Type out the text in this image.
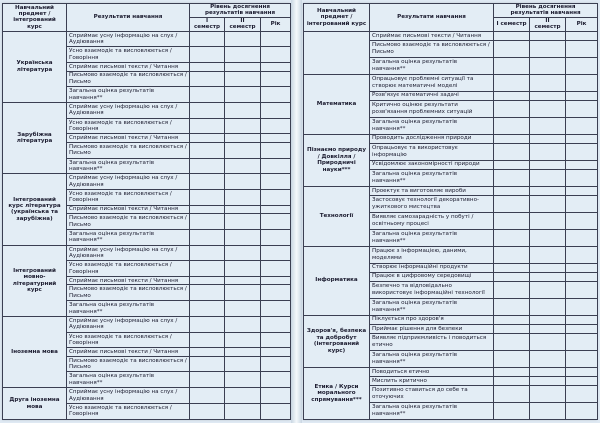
Навчальний предмет / інтегрований курс	Результати навчання	Рівень досягнення результатів навчання		
		І семестр	ІІ семестр	Рік
Українська література	Сприймає усну інформацію на слух / Аудіювання			
	Усно взаємодіє та висловлюється / Говоріння			
	Сприймає письмові тексти / Читання			
	Письмово взаємодіє та висловлюється / Письмо			
	Загальна оцінка результатів навчання**			
Зарубіжна література	Сприймає усну інформацію на слух / Аудіювання			
	Усно взаємодіє та висловлюється / Говоріння			
	Сприймає письмові тексти / Читання			
	Письмово взаємодіє та висловлюється / Письмо			
	Загальна оцінка результатів навчання**			
Інтегрований курс література (українська та зарубіжна)	Сприймає усну інформацію на слух / Аудіювання			
	Усно взаємодіє та висловлюється / Говоріння			
	Сприймає письмові тексти / Читання			
	Письмово взаємодіє та висловлюється / Письмо			
	Загальна оцінка результатів навчання**			
Інтегрований мовно-літературний курс	Сприймає усну інформацію на слух / Аудіювання			
	Усно взаємодіє та висловлюється / Говоріння			
	Сприймає письмові тексти / Читання			
	Письмово взаємодіє та висловлюється / Письмо			
	Загальна оцінка результатів навчання**			
Іноземна мова	Сприймає усну інформацію на слух / Аудіювання			
	Усно взаємодіє та висловлюється / Говоріння			
	Сприймає письмові тексти / Читання			
	Письмово взаємодіє та висловлюється / Письмо			
	Загальна оцінка результатів навчання**			
Друга іноземна мова	Сприймає усну інформацію на слух / Аудіювання			
	Усно взаємодіє та висловлюється / Говоріння			
Навчальний предмет / інтегрований курс	Результати навчання	Рівень досягнення результатів навчання		
		І семестр	ІІ семестр	Рік
	Сприймає письмові тексти / Читання			
	Письмово взаємодіє та висловлюється / Письмо			
	Загальна оцінка результатів навчання**			
Математика	Опрацьовує проблемні ситуації та створює математичні моделі			
	Розв'язує математичні задачі			
	Критично оцінює результати розв'язання проблемних ситуацій			
	Загальна оцінка результатів навчання**			
Пізнаємо природу / Довкілля / Природничі науки***	Проводить дослідження природи			
	Опрацьовує та використовує інформацію			
	Усвідомлює закономірності природи			
	Загальна оцінка результатів навчання**			
Технології	Проектує та виготовляє вироби			
	Застосовує технології декоративно-ужиткового мистецтва			
	Виявляє самозарадність у побуті / освітньому процесі			
	Загальна оцінка результатів навчання**			
Інформатика	Працює з інформацією, даними, моделями			
	Створює інформаційні продукти			
	Працює в цифровому середовищі			
	Безпечно та відповідально використовує інформаційні технології			
	Загальна оцінка результатів навчання**			
Здоров'я, безпека та добробут (інтегрований курс)	Піклується про здоров'я			
	Приймає рішення для безпеки			
	Виявляє підприємливість і поводиться етично			
	Загальна оцінка результатів навчання**			
Етика / Курси морального спрямування***	Поводиться етично			
	Мислить критично			
	Позитивно ставиться до себе та оточуючих			
	Загальна оцінка результатів навчання**			
